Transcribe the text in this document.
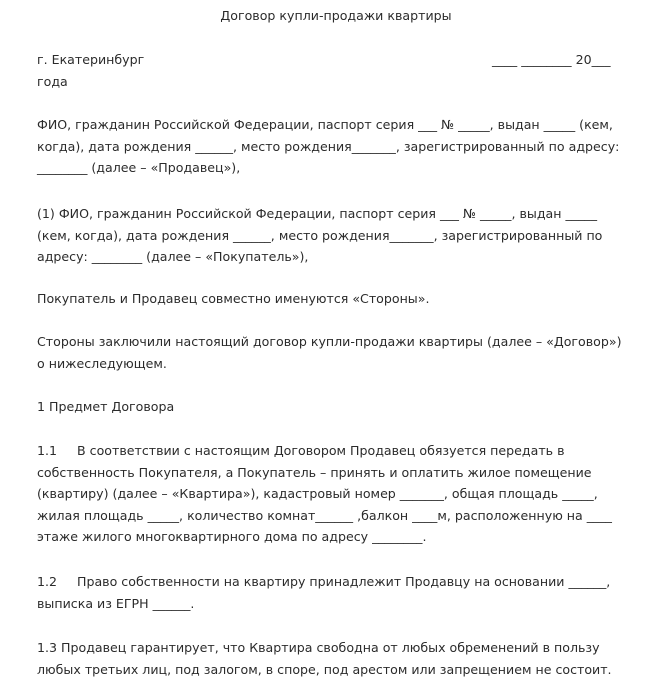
Договор купли-продажи квартиры
г. Екатеринбург	____ ________ 20___
года

ФИО, гражданин Российской Федерации, паспорт серия ___ № _____, выдан _____ (кем, когда), дата рождения ______, место рождения_______, зарегистрированный по адресу: ________ (далее – «Продавец»),

(1) ФИО, гражданин Российской Федерации, паспорт серия ___ № _____, выдан _____ (кем, когда), дата рождения ______, место рождения_______, зарегистрированный по адресу: ________ (далее – «Покупатель»),

Покупатель и Продавец совместно именуются «Стороны».

Стороны заключили настоящий договор купли-продажи квартиры (далее – «Договор») о нижеследующем.

1 Предмет Договора

1.1 В соответствии с настоящим Договором Продавец обязуется передать в собственность Покупателя, а Покупатель – принять и оплатить жилое помещение (квартиру) (далее – «Квартира»), кадастровый номер _______, общая площадь _____, жилая площадь _____, количество комнат______ ,балкон ____м, расположенную на ____ этаже жилого многоквартирного дома по адресу ________.

1.2 Право собственности на квартиру принадлежит Продавцу на основании ______, выписка из ЕГРН ______.

1.3 Продавец гарантирует, что Квартира свободна от любых обременений в пользу любых третьих лиц, под залогом, в споре, под арестом или запрещением не состоит.
